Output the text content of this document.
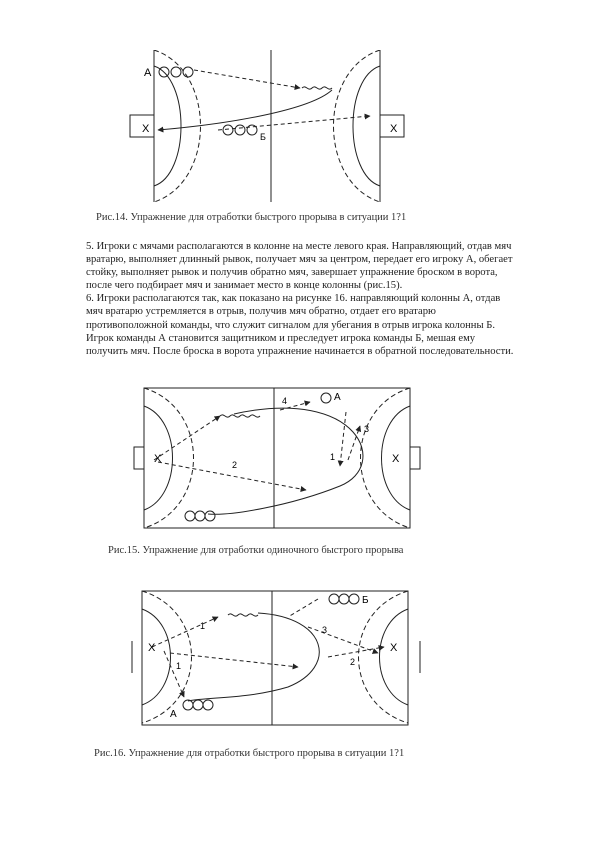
А
Б
X	X
Рис.14. Упражнение для отработки быстрого прорыва в ситуации 1?1

5. Игроки с мячами располагаются в колонне на месте левого края. Направляющий, отдав мяч вратарю, выполняет длинный рывок, получает мяч за центром, передает его игроку А, обегает стойку, выполняет рывок и получив обратно мяч, завершает упражнение броском в ворота, после чего подбирает мяч и занимает место в конце колонны (рис.15).

6. Игроки располагаются так, как показано на рисунке 16. направляющий колонны А, отдав мяч вратарю устремляется в отрыв, получив мяч обратно, отдает его вратарю противоположной команды, что служит сигналом для убегания в отрыв игрока колонны Б. Игрок команды А становится защитником и преследует игрока команды Б, мешая ему получить мяч. После броска в ворота упражнение начинается в обратной последовательности.

X	X
А
1
2
3
4
Рис.15. Упражнение для отработки одиночного быстрого прорыва
X	X
Б
А
1
1	2
3
Рис.16. Упражнение для отработки быстрого прорыва в ситуации 1?1
